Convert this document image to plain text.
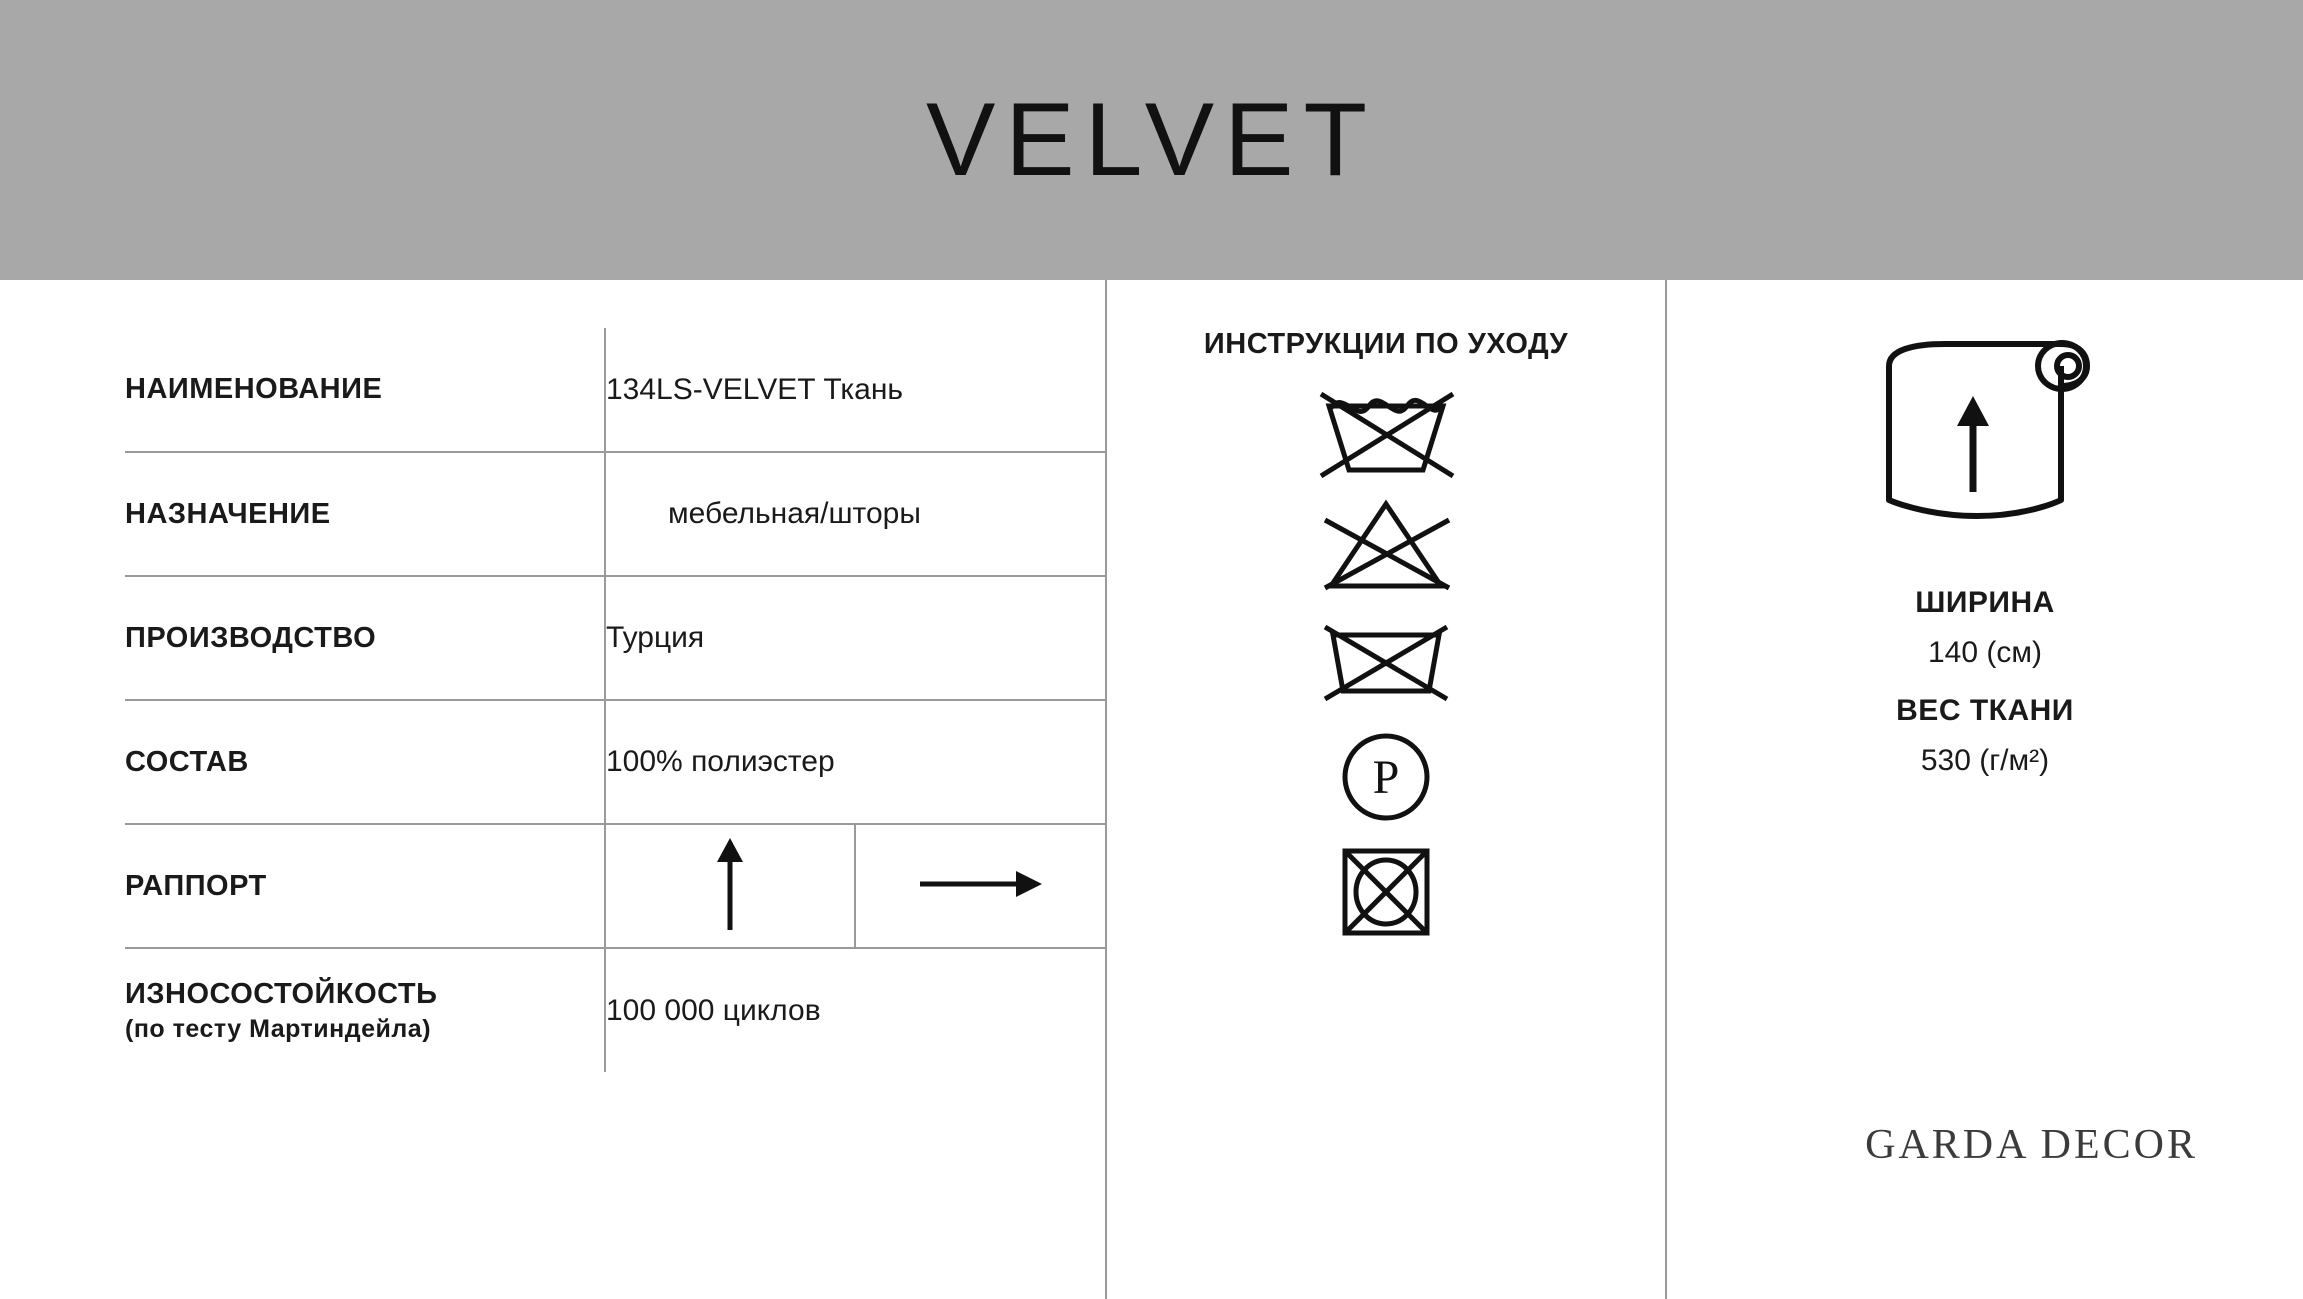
VELVET
НАИМЕНОВАНИЕ	134LS-VELVET Ткань	
НАЗНАЧЕНИЕ	мебельная/шторы	
ПРОИЗВОДСТВО	Турция	
СОСТАВ	100% полиэстер	
РАППОРТ		
ИЗНОСОСТОЙКОСТЬ
(по тесту Мартиндейла)	100 000 циклов	
ИНСТРУКЦИИ ПО УХОДУ
P
ШИРИНА
140 (см)
ВЕС ТКАНИ
530 (г/м²)
GARDA DECOR
